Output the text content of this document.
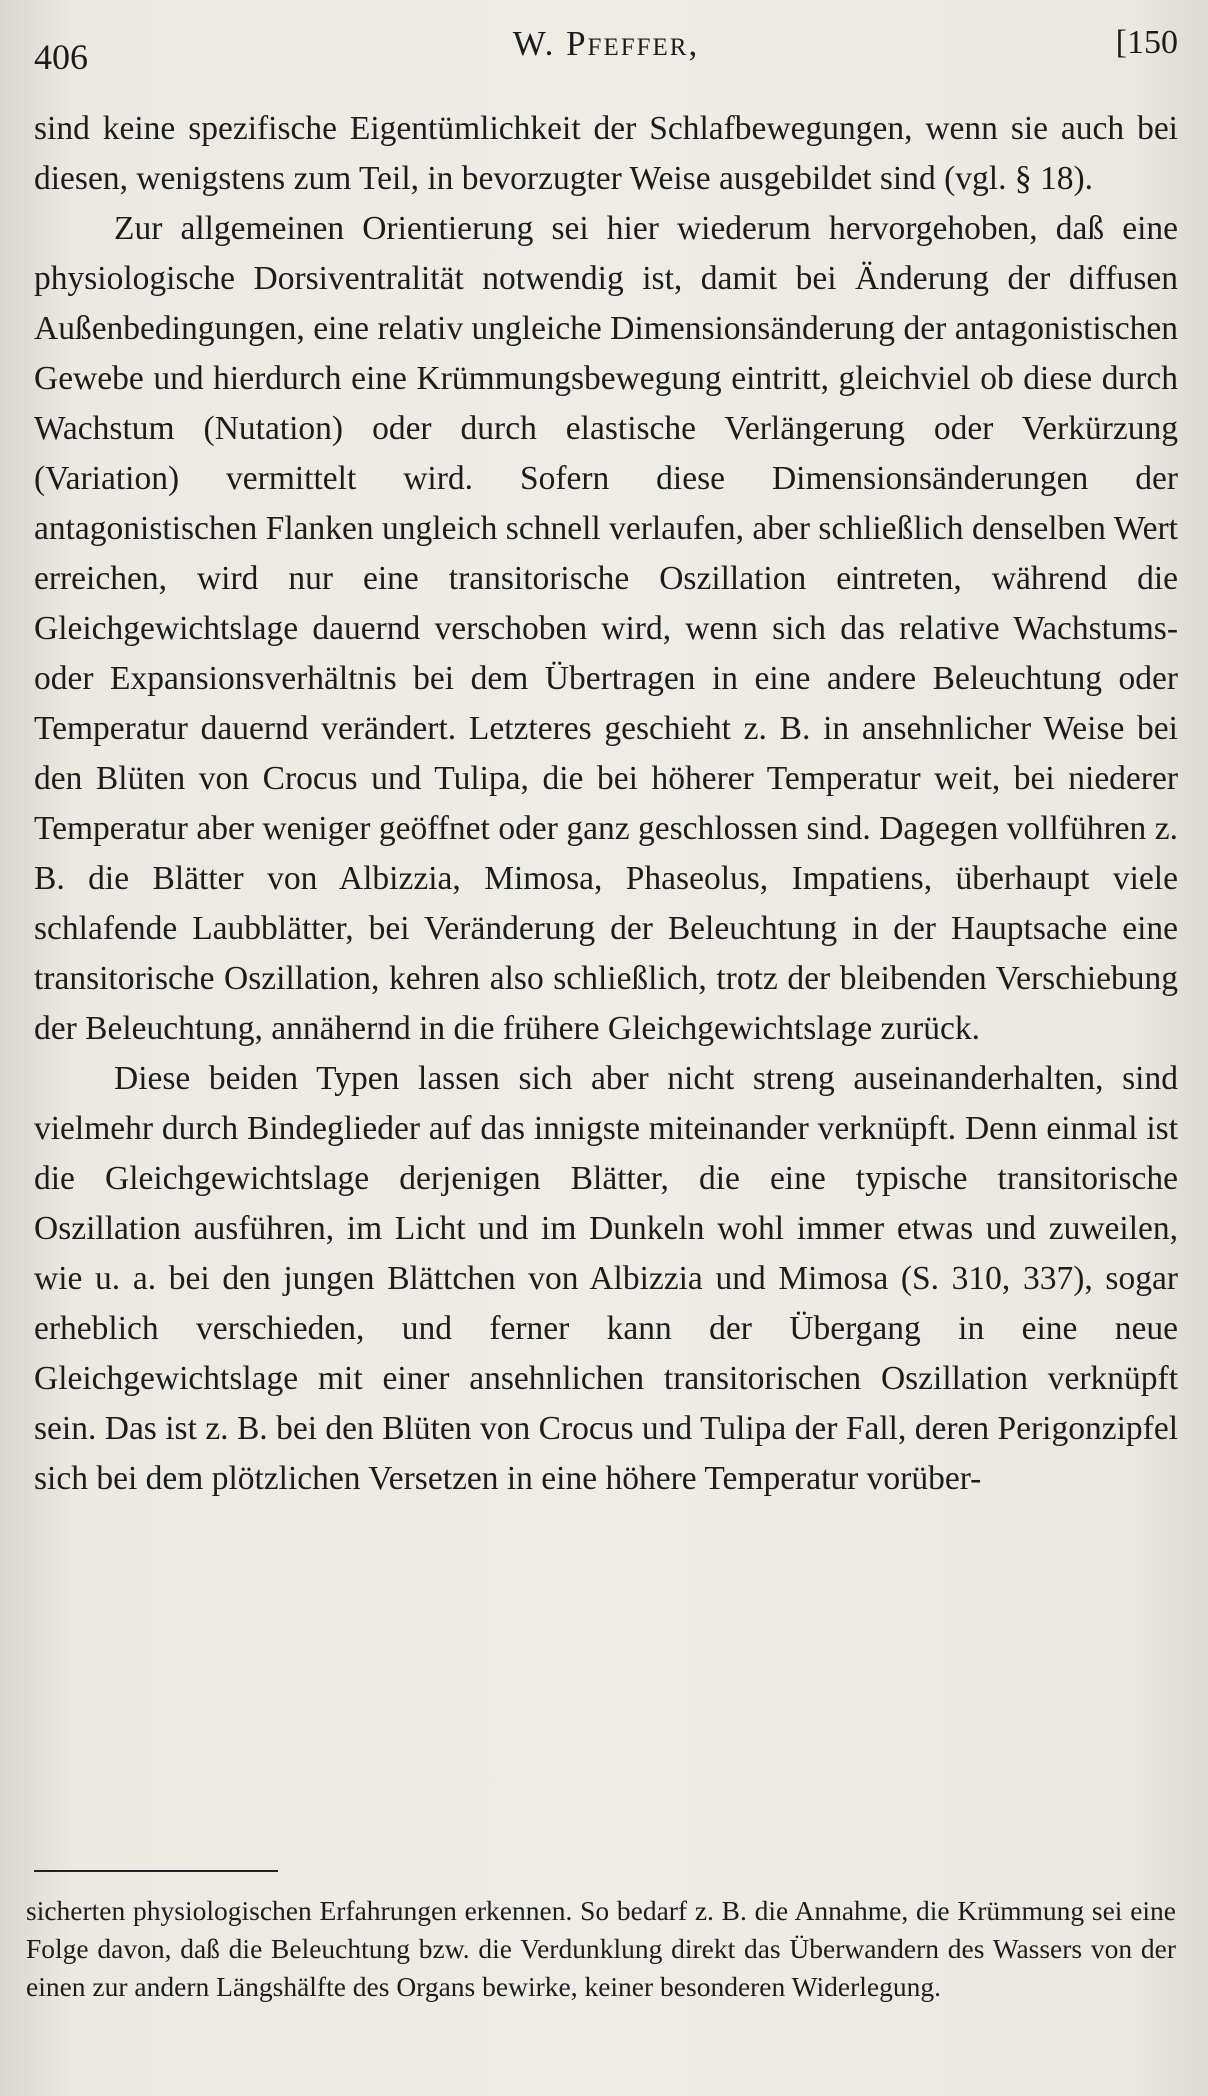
406	W. Pfeffer,	[150

sind keine spezifische Eigentümlichkeit der Schlafbewegungen, wenn sie auch bei diesen, wenigstens zum Teil, in bevorzugter Weise ausgebildet sind (vgl. § 18).

Zur allgemeinen Orientierung sei hier wiederum hervorgehoben, daß eine physiologische Dorsiventralität notwendig ist, damit bei Änderung der diffusen Außenbedingungen, eine relativ ungleiche Dimensionsänderung der antagonistischen Gewebe und hierdurch eine Krümmungsbewegung eintritt, gleichviel ob diese durch Wachstum (Nutation) oder durch elastische Verlängerung oder Verkürzung (Variation) vermittelt wird. Sofern diese Dimensionsänderungen der antagonistischen Flanken ungleich schnell verlaufen, aber schließlich denselben Wert erreichen, wird nur eine transitorische Oszillation eintreten, während die Gleichgewichtslage dauernd verschoben wird, wenn sich das relative Wachstums- oder Expansionsverhältnis bei dem Übertragen in eine andere Beleuchtung oder Temperatur dauernd verändert. Letzteres geschieht z. B. in ansehnlicher Weise bei den Blüten von Crocus und Tulipa, die bei höherer Temperatur weit, bei niederer Temperatur aber weniger geöffnet oder ganz geschlossen sind. Dagegen vollführen z. B. die Blätter von Albizzia, Mimosa, Phaseolus, Impatiens, überhaupt viele schlafende Laubblätter, bei Veränderung der Beleuchtung in der Hauptsache eine transitorische Oszillation, kehren also schließlich, trotz der bleibenden Verschiebung der Beleuchtung, annähernd in die frühere Gleichgewichtslage zurück.

Diese beiden Typen lassen sich aber nicht streng auseinanderhalten, sind vielmehr durch Bindeglieder auf das innigste miteinander verknüpft. Denn einmal ist die Gleichgewichtslage derjenigen Blätter, die eine typische transitorische Oszillation ausführen, im Licht und im Dunkeln wohl immer etwas und zuweilen, wie u. a. bei den jungen Blättchen von Albizzia und Mimosa (S. 310, 337), sogar erheblich verschieden, und ferner kann der Übergang in eine neue Gleichgewichtslage mit einer ansehnlichen transitorischen Oszillation verknüpft sein. Das ist z. B. bei den Blüten von Crocus und Tulipa der Fall, deren Perigonzipfel sich bei dem plötzlichen Versetzen in eine höhere Temperatur vorüber-

sicherten physiologischen Erfahrungen erkennen. So bedarf z. B. die Annahme, die Krümmung sei eine Folge davon, daß die Beleuchtung bzw. die Verdunklung direkt das Überwandern des Wassers von der einen zur andern Längshälfte des Organs bewirke, keiner besonderen Widerlegung.
